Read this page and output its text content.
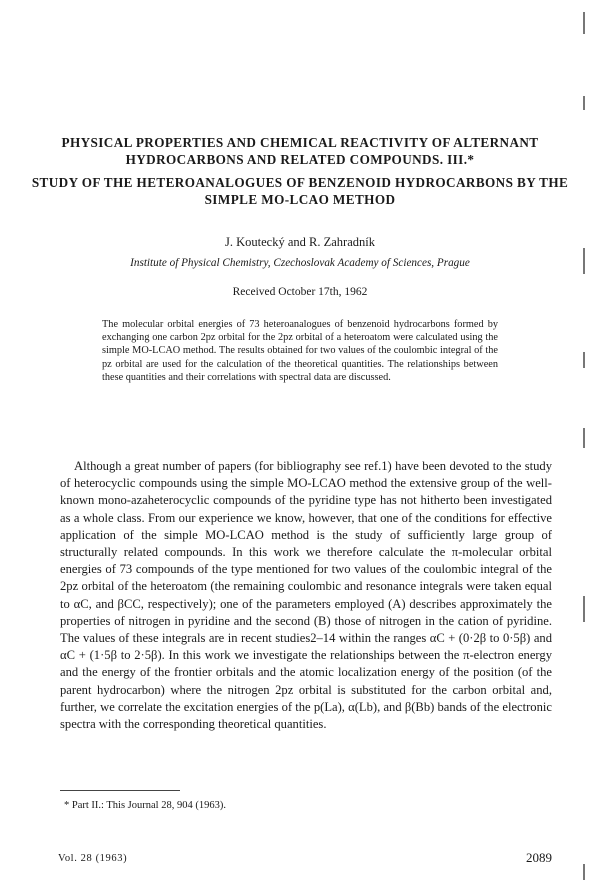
PHYSICAL PROPERTIES AND CHEMICAL REACTIVITY OF ALTERNANT HYDROCARBONS AND RELATED COMPOUNDS. III.*

STUDY OF THE HETEROANALOGUES OF BENZENOID HYDROCARBONS BY THE SIMPLE MO-LCAO METHOD

J. Koutecký and R. Zahradník
Institute of Physical Chemistry, Czechoslovak Academy of Sciences, Prague
Received October 17th, 1962

The molecular orbital energies of 73 heteroanalogues of benzenoid hydrocarbons formed by exchanging one carbon 2pz orbital for the 2pz orbital of a heteroatom were calculated using the simple MO-LCAO method. The results obtained for two values of the coulombic integral of the pz orbital are used for the calculation of the theoretical quantities. The relationships between these quantities and their correlations with spectral data are discussed.

Although a great number of papers (for bibliography see ref.1) have been devoted to the study of heterocyclic compounds using the simple MO-LCAO method the extensive group of the well-known mono-azaheterocyclic compounds of the pyridine type has not hitherto been investigated as a whole class. From our experience we know, however, that one of the conditions for effective application of the simple MO-LCAO method is the study of sufficiently large group of structurally related compounds. In this work we therefore calculate the π-molecular orbital energies of 73 compounds of the type mentioned for two values of the coulombic integral of the 2pz orbital of the heteroatom (the remaining coulombic and resonance integrals were taken equal to αC, and βCC, respectively); one of the parameters employed (A) describes approximately the properties of nitrogen in pyridine and the second (B) those of nitrogen in the cation of pyridine. The values of these integrals are in recent studies2–14 within the ranges αC + (0·2β to 0·5β) and αC + (1·5β to 2·5β). In this work we investigate the relationships between the π-electron energy and the energy of the frontier orbitals and the atomic localization energy of the position (of the parent hydrocarbon) where the nitrogen 2pz orbital is substituted for the carbon orbital and, further, we correlate the excitation energies of the p(La), α(Lb), and β(Bb) bands of the electronic spectra with the corresponding theoretical quantities.

* Part II.: This Journal 28, 904 (1963).
Vol. 28 (1963)	2089
